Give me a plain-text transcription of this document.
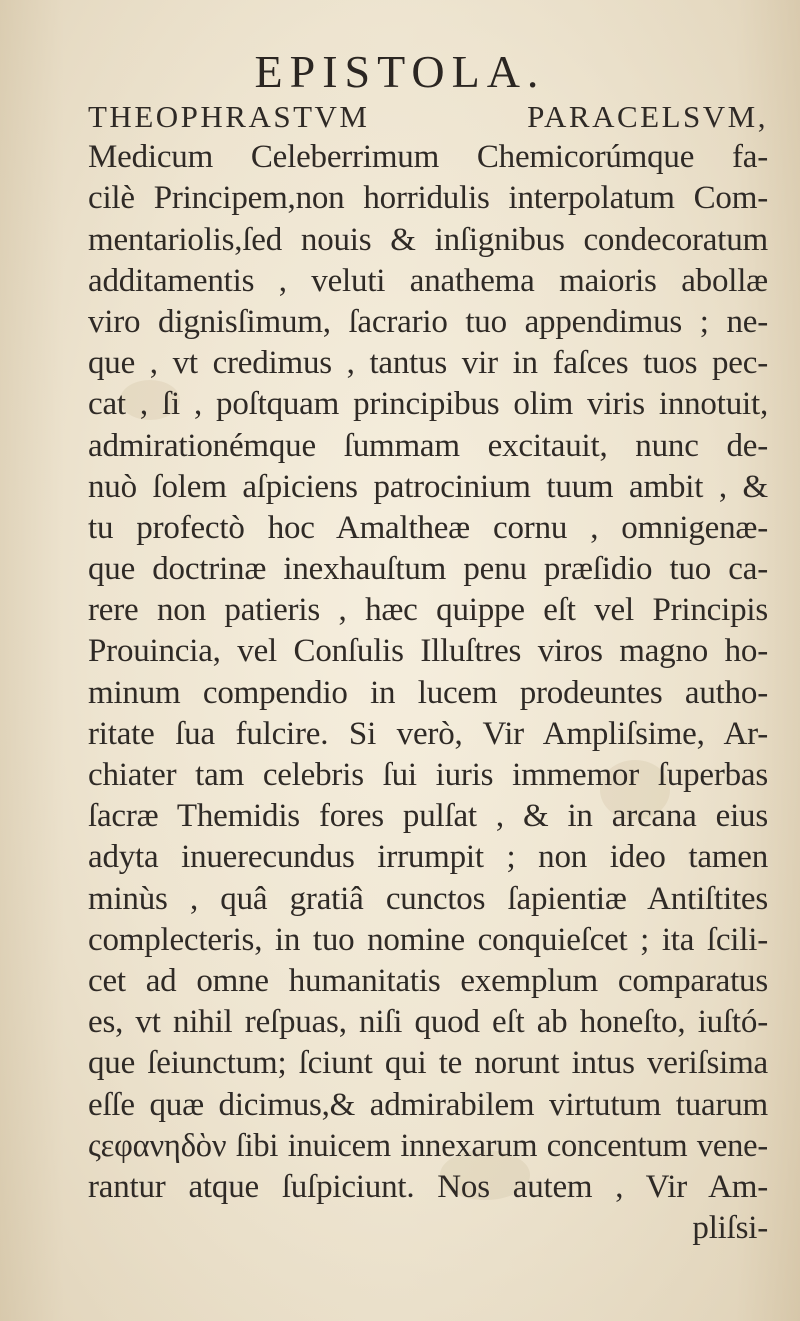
EPISTOLA.
THEOPHRASTVM PARACELSVM,
Medicum Celeberrimum Chemicorúmque fa-
cilè Principem,non horridulis interpolatum Com-
mentariolis,ſed nouis & inſignibus condecoratum
additamentis , veluti anathema maioris abollæ
viro dignisſimum, ſacrario tuo appendimus ; ne-
que , vt credimus , tantus vir in faſces tuos pec-
cat , ſi , poſtquam principibus olim viris innotuit,
admirationémque ſummam excitauit, nunc de-
nuò ſolem aſpiciens patrocinium tuum ambit , &
tu profectò hoc Amaltheæ cornu , omnigenæ-
que doctrinæ inexhauſtum penu præſidio tuo ca-
rere non patieris , hæc quippe eſt vel Principis
Prouincia, vel Conſulis Illuſtres viros magno ho-
minum compendio in lucem prodeuntes autho-
ritate ſua fulcire. Si verò, Vir Ampliſsime, Ar-
chiater tam celebris ſui iuris immemor ſuperbas
ſacræ Themidis fores pulſat , & in arcana eius
adyta inuerecundus irrumpit ; non ideo tamen
minùs , quâ gratiâ cunctos ſapientiæ Antiſtites
complecteris, in tuo nomine conquieſcet ; ita ſcili-
cet ad omne humanitatis exemplum comparatus
es, vt nihil reſpuas, niſi quod eſt ab honeſto, iuſtó-
que ſeiunctum; ſciunt qui te norunt intus veriſsima
eſſe quæ dicimus,& admirabilem virtutum tuarum
ςεφανηδὸν ſibi inuicem innexarum concentum vene-
rantur atque ſuſpiciunt. Nos autem , Vir Am-
pliſsi-
